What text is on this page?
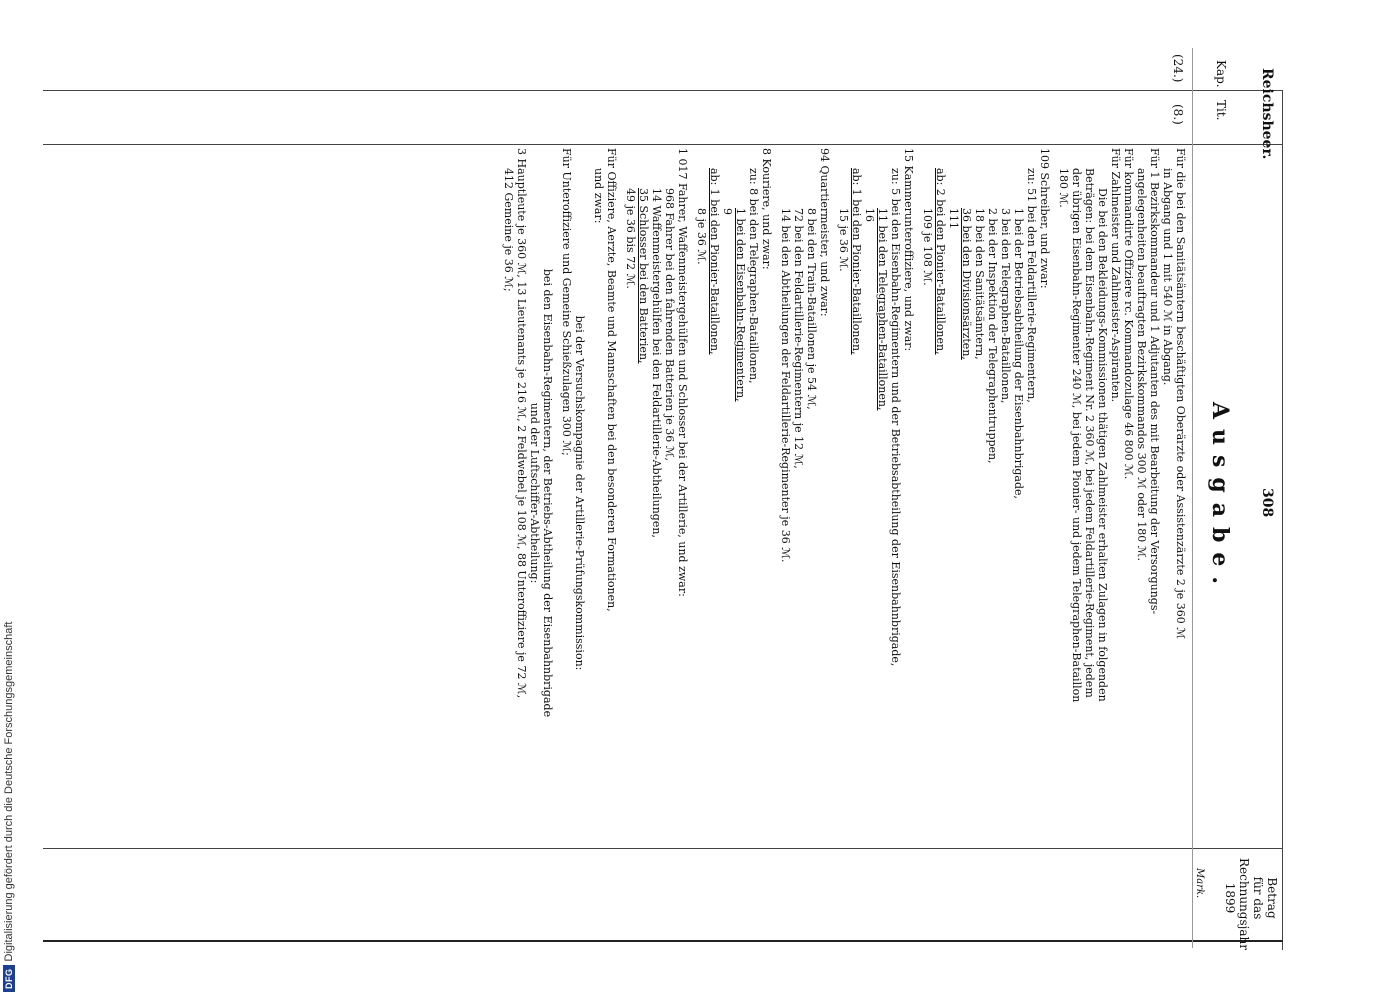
DFG
Digitalisierung gefördert durch die Deutsche Forschungsgemeinschaft
Reichsheer.
308
Kap.
Tit.
Ausgabe.
Betrag
für das
Rechnungsjahr
1899
Mark.
(24.)
(8.)
Für die bei den Sanitätsämtern beschäftigten Oberärzte oder Assistenzärzte 2 je 360 ℳ
in Abgang und 1 mit 540 ℳ in Abgang.
Für 1 Bezirkskommandeur und 1 Adjutanten des mit Bearbeitung der Versorgungs-
angelegenheiten beauftragten Bezirkskommandos 300 ℳ oder 180 ℳ.
Für kommandirte Offiziere rc. Kommandozulage 46 800 ℳ.
Für Zahlmeister und Zahlmeister-Aspiranten.
Die bei den Bekleidungs-Kommissionen thätigen Zahlmeister erhalten Zulagen in folgenden
Beträgen: bei dem Eisenbahn-Regiment Nr. 2 360 ℳ, bei jedem Feldartillerie-Regiment, jedem
der übrigen Eisenbahn-Regimenter 240 ℳ, bei jedem Pionier- und jedem Telegraphen-Bataillon
180 ℳ.
109 Schreiber, und zwar:
zu: 51 bei den Feldartillerie-Regimentern,
1 bei der Betriebsabtheilung der Eisenbahnbrigade,
3 bei den Telegraphen-Bataillonen,
2 bei der Inspektion der Telegraphentruppen,
18 bei den Sanitätsämtern,
36 bei den Divisionsärzten,
111
ab: 2 bei den Pionier-Bataillonen,
109 je 108 ℳ.
15 Kammerunteroffiziere, und zwar:
zu: 5 bei den Eisenbahn-Regimentern und der Betriebsabtheilung der Eisenbahnbrigade,
11 bei den Telegraphen-Bataillonen,
16
ab: 1 bei den Pionier-Bataillonen,
15 je 36 ℳ.
94 Quartiermeister, und zwar:
8 bei den Train-Bataillonen je 54 ℳ,
72 bei den Feldartillerie-Regimentern je 12 ℳ,
14 bei den Abtheilungen der Feldartillerie-Regimenter je 36 ℳ.
8 Kouriere, und zwar:
zu: 8 bei den Telegraphen-Bataillonen,
1 bei den Eisenbahn-Regimentern,
9
ab: 1 bei den Pionier-Bataillonen,
8 je 36 ℳ.
1 017 Fahrer, Waffenmeistergehülfen und Schlosser bei der Artillerie, und zwar:
968 Fahrer bei den fahrenden Batterien je 36 ℳ,
14 Waffenmeistergehülfen bei den Feldartillerie-Abtheilungen,
35 Schlosser bei den Batterien,
49 je 36 bis 72 ℳ.
Für Offiziere, Aerzte, Beamte und Mannschaften bei den besonderen Formationen,
und zwar:
bei der Versuchskompagnie der Artillerie-Prüfungskommission:
Für Unteroffiziere und Gemeine Schießzulagen 300 ℳ;
bei den Eisenbahn-Regimentern, der Betriebs-Abtheilung der Eisenbahnbrigade
und der Luftschiffer-Abtheilung:
3 Hauptleute je 360 ℳ, 13 Lieutenants je 216 ℳ, 2 Feldwebel je 108 ℳ, 88 Unteroffiziere je 72 ℳ,
412 Gemeine je 36 ℳ;
